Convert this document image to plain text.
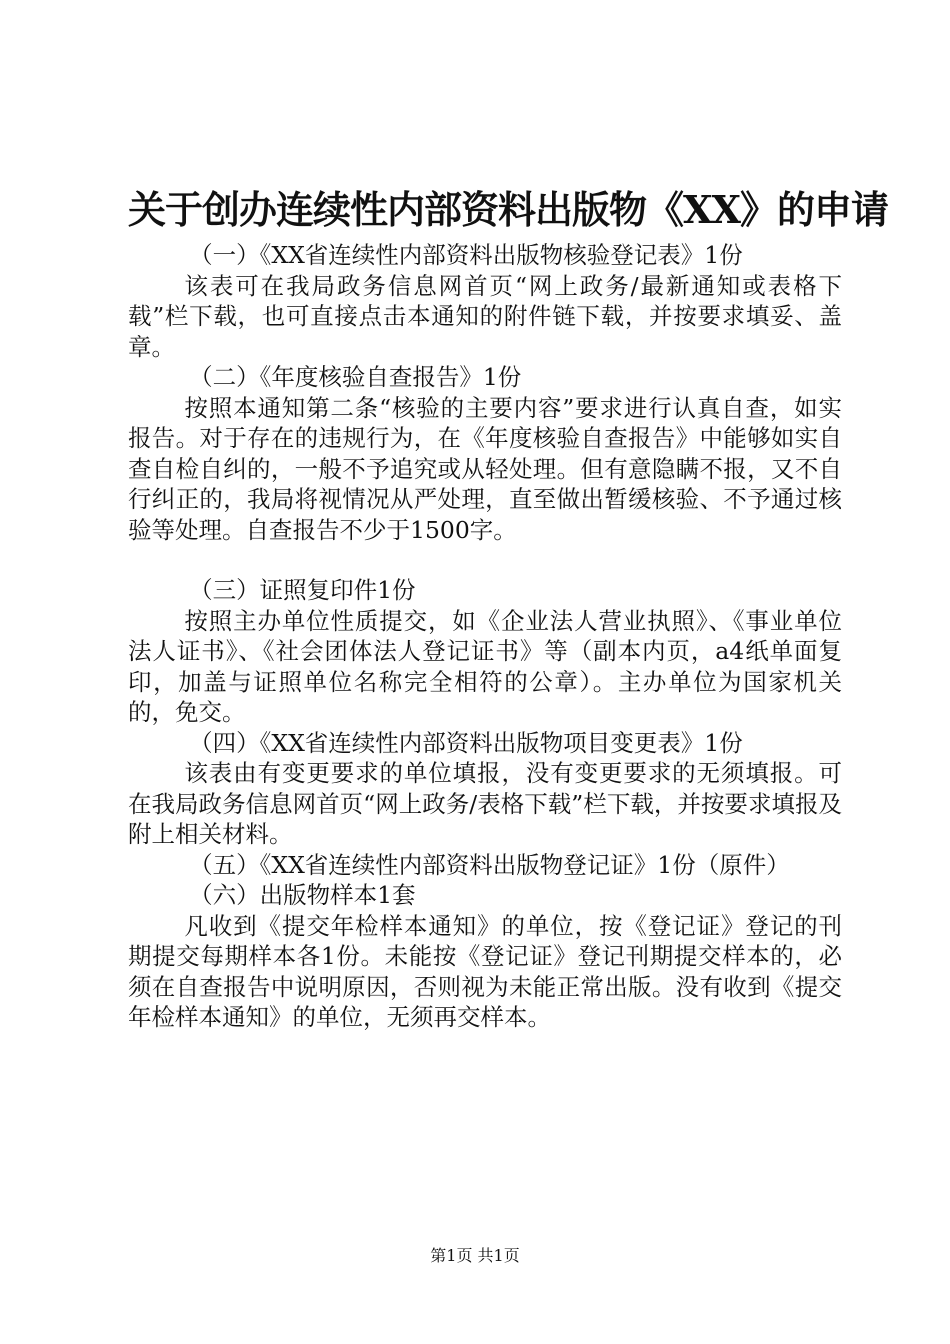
关于创办连续性内部资料出版物《XX》的申请

（一）《XX省连续性内部资料出版物核验登记表》1份

该表可在我局政务信息网首页“网上政务/最新通知或表格下载”栏下载，也可直接点击本通知的附件链下载，并按要求填妥、盖章。

（二）《年度核验自查报告》1份

按照本通知第二条“核验的主要内容”要求进行认真自查，如实报告。对于存在的违规行为，在《年度核验自查报告》中能够如实自查自检自纠的，一般不予追究或从轻处理。但有意隐瞒不报，又不自行纠正的，我局将视情况从严处理，直至做出暂缓核验、不予通过核验等处理。自查报告不少于1500字。

（三）证照复印件1份

按照主办单位性质提交，如《企业法人营业执照》、《事业单位法人证书》、《社会团体法人登记证书》等（副本内页，a4纸单面复印，加盖与证照单位名称完全相符的公章）。主办单位为国家机关的，免交。

（四）《XX省连续性内部资料出版物项目变更表》1份

该表由有变更要求的单位填报，没有变更要求的无须填报。可在我局政务信息网首页“网上政务/表格下载”栏下载，并按要求填报及附上相关材料。

（五）《XX省连续性内部资料出版物登记证》1份（原件）

（六）出版物样本1套

凡收到《提交年检样本通知》的单位，按《登记证》登记的刊期提交每期样本各1份。未能按《登记证》登记刊期提交样本的，必须在自查报告中说明原因，否则视为未能正常出版。没有收到《提交年检样本通知》的单位，无须再交样本。

第1页 共1页
